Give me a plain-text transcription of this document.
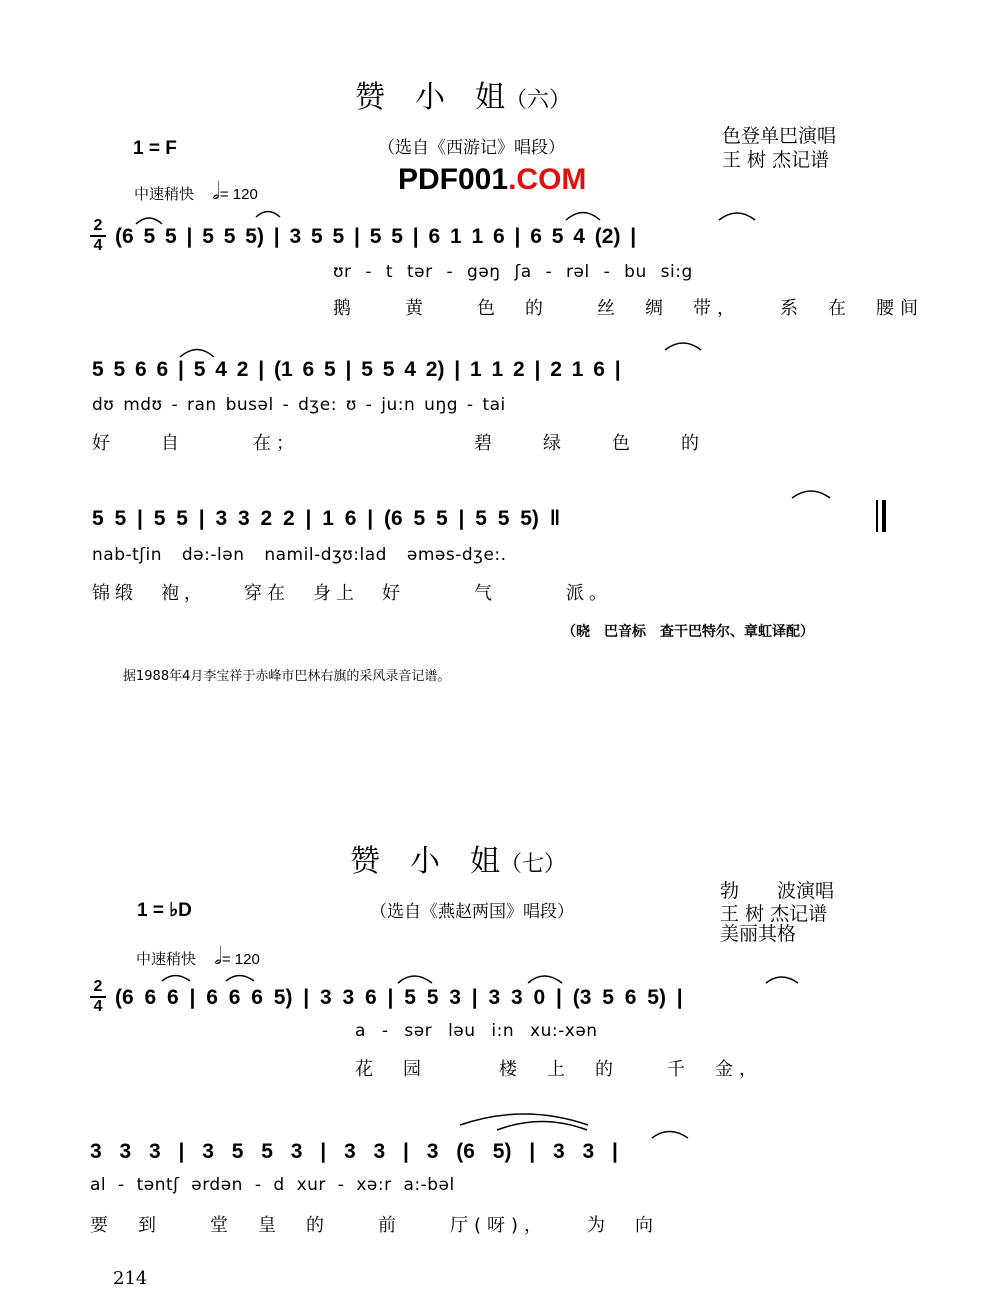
赞　小　姐（六）
1 = F	（选自《西游记》唱段）
色登单巴演唱
王 树 杰记谱
PDF001.COM
中速稍快 𝅗𝅥= 120
2
4 (6 5 5 | 5 5 5) | 3 5 5 | 5 5 | 6 1 1 6 | 6 5 4 (2) |
ʊr - t tər - gəŋ ʃa - rəl - bu si:g
鹅　　黄　　色　的　　丝　绸　带，　　系　在　腰间
5 5 6 6 | 5 4 2 | (1 6 5 | 5 5 4 2) | 1 1 2 | 2 1 6 |
dʊ mdʊ - ran busəl - dʒe: ʊ - ju:n uŋg - tai
好　　自　　　在；　　　　　　　　碧　　绿　　色　　的
5 5 | 5 5 | 3 3 2 2 | 1 6 | (6 5 5 | 5 5 5) ‖
nab-tʃin də:-lən namil-dʒʊ:lad əməs-dʒe:.
锦缎　袍，　　穿在　身上　好　　　气　　　派。
（晓　巴音标　查干巴特尔、章虹译配）
据1988年4月李宝祥于赤峰市巴林右旗的采风录音记谱。
赞　小　姐（七）
1 = ♭D	（选自《燕赵两国》唱段）
勃　　波演唱
王 树 杰记谱
美丽其格
中速稍快 𝅗𝅥= 120
2
4 (6 6 6 | 6 6 6 5) | 3 3 6 | 5 5 3 | 3 3 0 | (3 5 6 5) |
a - sər ləu i:n xu:-xən
花　园　　　楼　上　的　　千　金，
3 3 3 | 3 5 5 3 | 3 3 | 3 (6 5) | 3 3 |
al - təntʃ ərdən - d xur - xə:r a:-bəl
要　到　　堂　皇　的　　前　　厅(呀)，　　为　向
214
